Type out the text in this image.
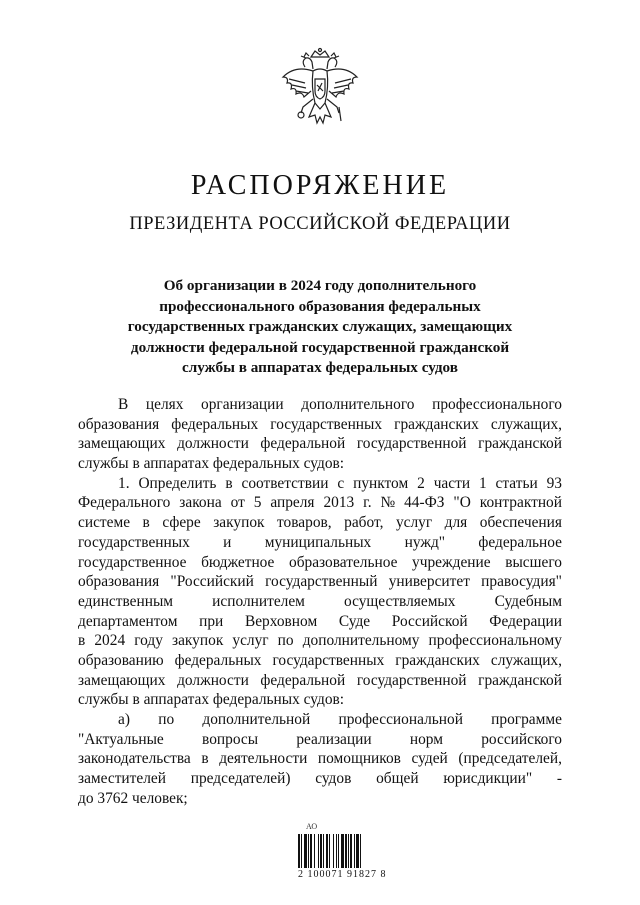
РАСПОРЯЖЕНИЕ
ПРЕЗИДЕНТА РОССИЙСКОЙ ФЕДЕРАЦИИ
Об организации в 2024 году дополнительного
профессионального образования федеральных
государственных гражданских служащих, замещающих
должности федеральной государственной гражданской
службы в аппаратах федеральных судов
В целях организации дополнительного профессионального
образования федеральных государственных гражданских служащих,
замещающих должности федеральной государственной гражданской
службы в аппаратах федеральных судов:
1. Определить в соответствии с пунктом 2 части 1 статьи 93
Федерального закона от 5 апреля 2013 г. № 44-ФЗ "О контрактной
системе в сфере закупок товаров, работ, услуг для обеспечения
государственных и муниципальных нужд" федеральное
государственное бюджетное образовательное учреждение высшего
образования "Российский государственный университет правосудия"
единственным	исполнителем	осуществляемых	Судебным
департаментом при Верховном Суде Российской Федерации
в 2024 году закупок услуг по дополнительному профессиональному
образованию федеральных государственных гражданских служащих,
замещающих должности федеральной государственной гражданской
службы в аппаратах федеральных судов:
а) по дополнительной профессиональной программе
"Актуальные вопросы реализации норм российского
законодательства в деятельности помощников судей (председателей,
заместителей председателей) судов общей юрисдикции" -
до 3762 человек;
АО
2 100071 91827 8
